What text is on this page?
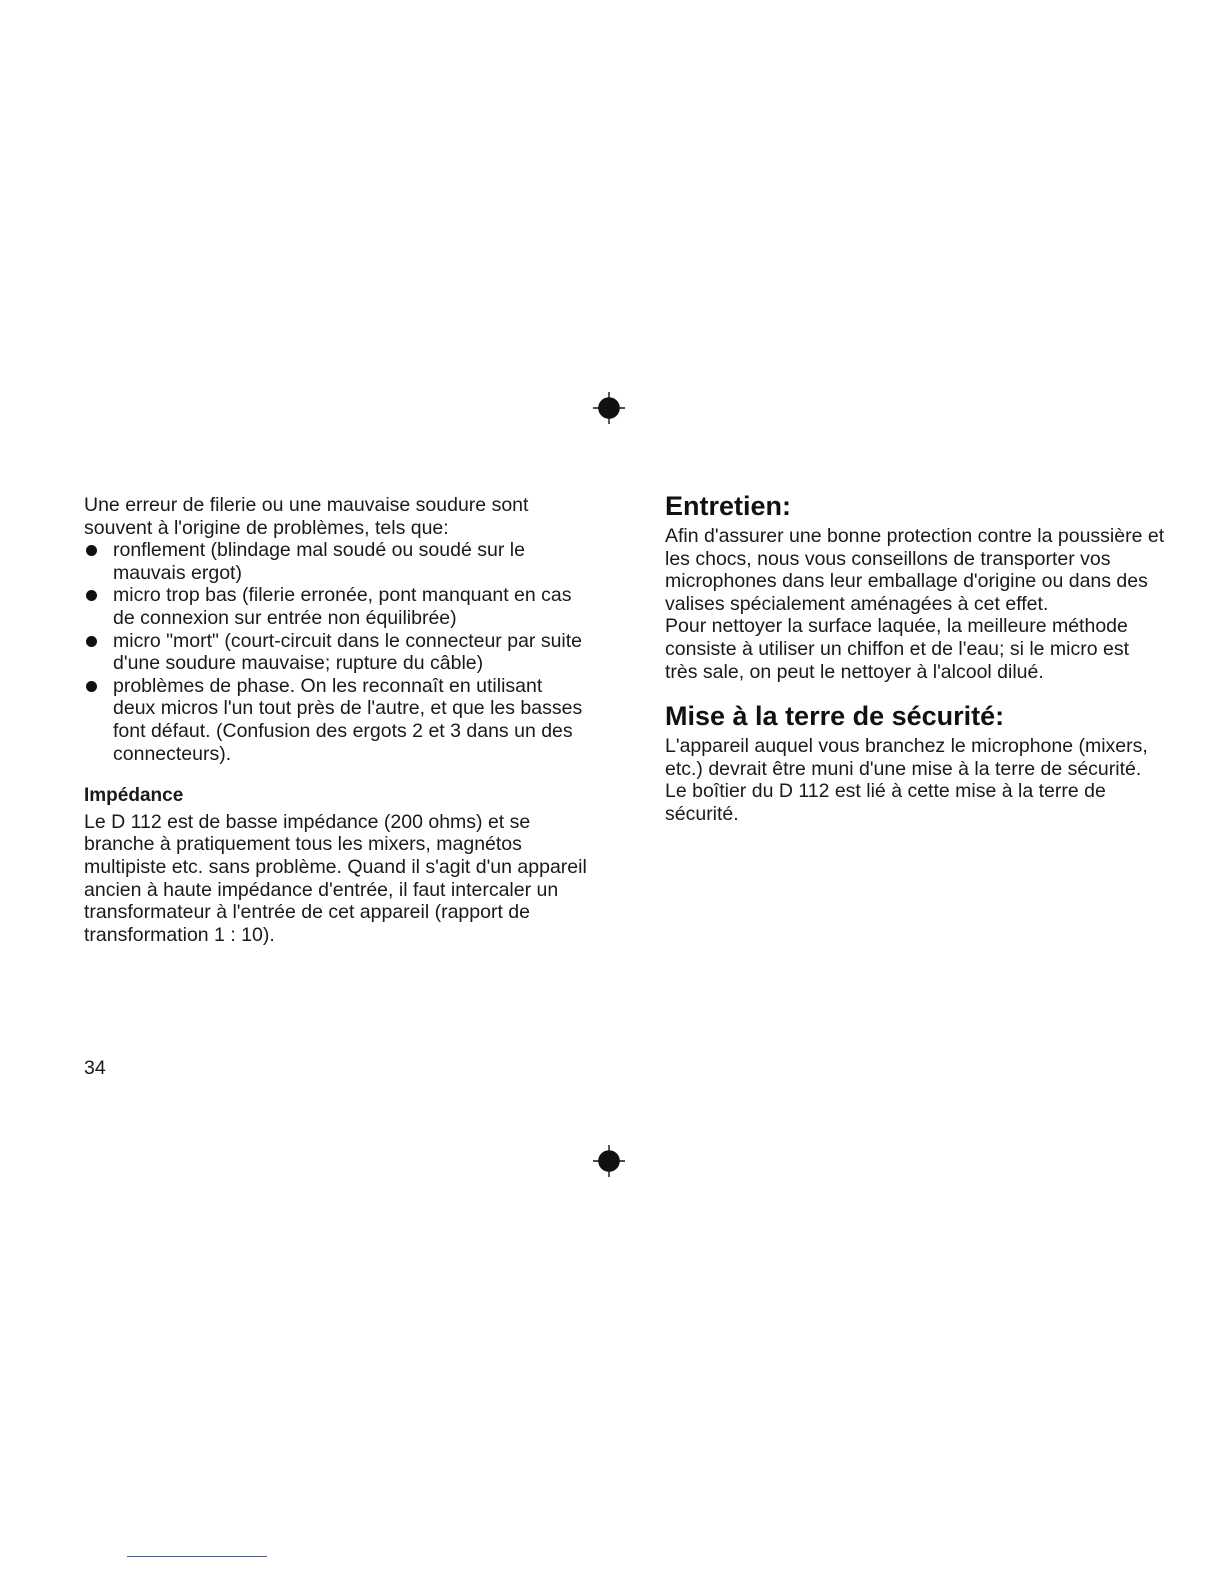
Une erreur de filerie ou une mauvaise soudure sont souvent à l'origine de problèmes, tels que:

ronflement (blindage mal soudé ou soudé sur le mauvais ergot)
micro trop bas (filerie erronée, pont manquant en cas de connexion sur entrée non équilibrée)
micro "mort" (court-circuit dans le connecteur par suite d'une soudure mauvaise; rupture du câble)
problèmes de phase. On les reconnaît en utilisant deux micros l'un tout près de l'autre, et que les basses font défaut. (Confusion des ergots 2 et 3 dans un des connecteurs).
Impédance

Le D 112 est de basse impédance (200 ohms) et se branche à pratiquement tous les mixers, magnétos multipiste etc. sans problème. Quand il s'agit d'un appareil ancien à haute impédance d'entrée, il faut intercaler un transformateur à l'entrée de cet appareil (rapport de transformation 1 : 10).

Entretien:

Afin d'assurer une bonne protection contre la poussière et les chocs, nous vous conseillons de transporter vos microphones dans leur emballage d'origine ou dans des valises spécialement aménagées à cet effet.

Pour nettoyer la surface laquée, la meilleure méthode consiste à utiliser un chiffon et de l'eau; si le micro est très sale, on peut le nettoyer à l'alcool dilué.

Mise à la terre de sécurité:

L'appareil auquel vous branchez le microphone (mixers, etc.) devrait être muni d'une mise à la terre de sécurité. Le boîtier du D 112 est lié à cette mise à la terre de sécurité.

34
